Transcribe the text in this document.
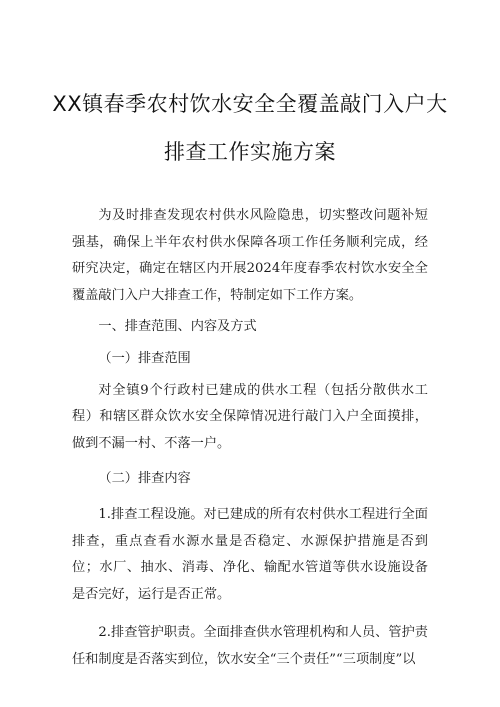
XX镇春季农村饮水安全全覆盖敲门入户大
排查工作实施方案

为及时排查发现农村供水风险隐患，切实整改问题补短强基，确保上半年农村供水保障各项工作任务顺利完成，经研究决定，确定在辖区内开展2024年度春季农村饮水安全全覆盖敲门入户大排查工作，特制定如下工作方案。

一、排查范围、内容及方式

（一）排查范围

对全镇9个行政村已建成的供水工程（包括分散供水工程）和辖区群众饮水安全保障情况进行敲门入户全面摸排，做到不漏一村、不落一户。

（二）排查内容

1.排查工程设施。对已建成的所有农村供水工程进行全面排查，重点查看水源水量是否稳定、水源保护措施是否到位；水厂、抽水、消毒、净化、输配水管道等供水设施设备是否完好，运行是否正常。

2.排查管护职责。全面排查供水管理机构和人员、管护责任和制度是否落实到位，饮水安全“三个责任”“三项制度”以
